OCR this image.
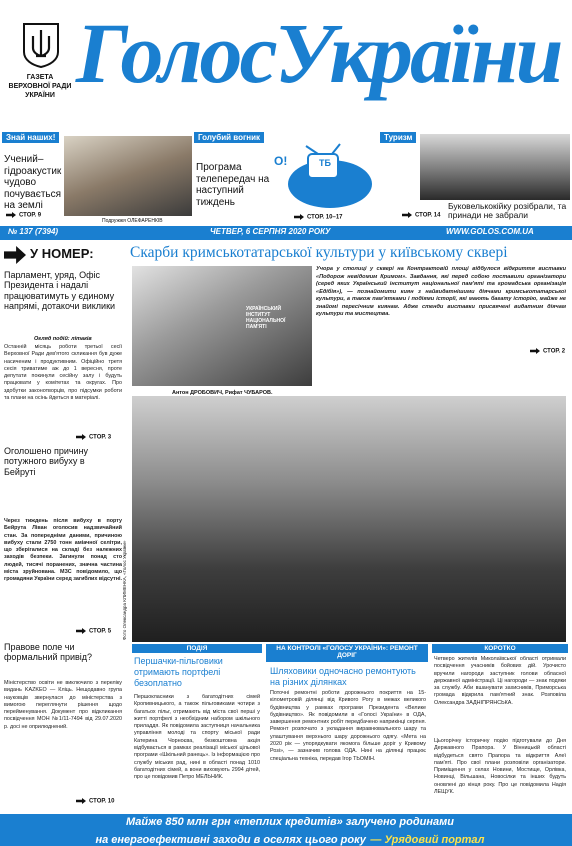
ГАЗЕТА
ВЕРХОВНОЇ РАДИ
УКРАЇНИ ГолосУкраїни
Знай наших!
Учений–гідроакустик чудово почувається на землі
СТОР. 9
Подружжя ОЛЕФАРЕНКІВ
Голубий вогник
О!	ТБ
Програма телепередач на наступний тиждень
СТОР. 10–17
Туризм
Буковелькокійку розібрали, та принади не забрали
СТОР. 14
№ 137 (7394)	ЧЕТВЕР, 6 СЕРПНЯ 2020 РОКУ	WWW.GOLOS.COM.UA
У НОМЕР:
Парламент, уряд, Офіс Президента і надалі працюватимуть у єдиному напрямі, дотакочи виклики
Огляд подій: літаків
Останній місяць роботи третьої сесії Верховної Ради дев'ятого скликання був дуже насиченим і продуктивним. Офіційно третя сесія триватиме аж до 1 вересня, проте депутати покинули сесійну залу і будуть працювати у комітетах та округах. Про здобутки законотворців, про підсумки роботи та плани на осінь йдеться в матеріалі.
СТОР. 3
Оголошено причину потужного вибуху в Бейруті
Через тиждень після вибуху в порту Бейрута Ліван оголосив надзвичайний стан. За попередніми даними, причиною вибуху стали 2750 тонн аміачної селітри, що зберігалися на складі без належних заходів безпеки. Загинули понад сто людей, тисячі поранених, значна частина міста зруйнована. МЗС повідомило, що громадяни України серед загиблих відсутні.
СТОР. 5
Правове поле чи формальний привід?
Міністерство освіти не виключило з переліку видань KAZKEO — Кліць. Нещодавно група науковців звернулася до міністерства з вимогою переглянути рішення щодо перейменування. Документ про відкликання посвідчення МОН №1/11-7494 від 29.07.2020 р. досі не оприлюднений.
СТОР. 10
Скарби кримськотатарської культури у київському сквері
УКРАЇНСЬКИЙ ІНСТИТУТ НАЦІОНАЛЬНОЇ ПАМ'ЯТІ
Антон ДРОБОВИЧ, Рифат ЧУБАРОВ.
Учора у столиці у сквері на Контрактовій площі відбулося відкриття виставки «Подорож невідомим Кримом». Завдання, які перед собою поставили організатори (серед яких Український інститут національної пам'яті та громадська організація «Едібія»), — познайомити киян з найвидатнішими діячами кримськотатарської культури, а також пам'ятками і подіями історії, які мають багату історію, майже не знайомі пересічним киянам. Адже стенди виставки присвячені видатним діячам культури та мистецтва.
СТОР. 2
Фото Олександра КЛИМЕНКА, «Голос України»
ПОДІЯ
Першачки-пільговики отримають портфелі безоплатно
Першокласники з багатодітних сімей Кропивницького, а також пільговиками чотири з багатьох пільг, отримають від міста свої перші у житті портфелі з необхідним набором шкільного приладдя. Як повідомила заступниця начальника управління молоді та спорту міської ради Катерина Чорноєва, безкоштовна акція відбувається в рамках реалізації міської цільової програми «Шкільний ранець». Із інформацією про службу міських рад, нині в області понад 1010 багатодітних сімей, а вони виховують 2994 дітей, про це повідомив Петро МЕЛЬНИК.
НА КОНТРОЛІ «ГОЛОСУ УКРАЇНИ»: РЕМОНТ ДОРІГ
Шляховики одночасно ремонтують на різних ділянках
Поточні ремонтні роботи дорожнього покриття на 15-кілометровій ділянці від Кривого Рогу в межах великого будівництва у рамках програми Президента «Велике будівництво». Як повідомили в «Голосі України» в ОДА, завершення ремонтних робіт передбачено наприкінці серпня. Ремонт розпочато з укладання виравнювального шару та улаштування верхнього шару дорожнього одягу. «Мета на 2020 рік — упорядкувати якомога більше доріг у Кривому Розі», — зазначив голова ОДА. Нині на ділянці працює спеціальна техніка, передав Ігор ТЬОМІН.
КОРОТКО
Четверо жителів Миколаївської області отримали посвідчення учасників бойових дій. Урочисто вручили нагороди заступник голови обласної державної адміністрації. Ці нагороди — знак подяки за службу. Аби вшанувати захисників, Приморська громада відкрила пам'ятний знак. Розповіла Олександра ЗАДНІПРЯНСЬКА.
Цьогорічну історичну подію підготували до Дня Державного Прапора. У Вінницькій області відбудеться свято Прапора та відкриття Алеї пам'яті. Про свої плани розповіли організатори. Приміщення у селах Новини, Мостище, Орлівка, Новинці, Вільшана, Новосілки та інших будуть оновлені до кінця року. Про це повідомила Надія ЛЕЩУК.
Майже 850 млн грн «теплих кредитів» залучено родинами
на енергоефективні заходи в оселях цього року — Урядовий портал
